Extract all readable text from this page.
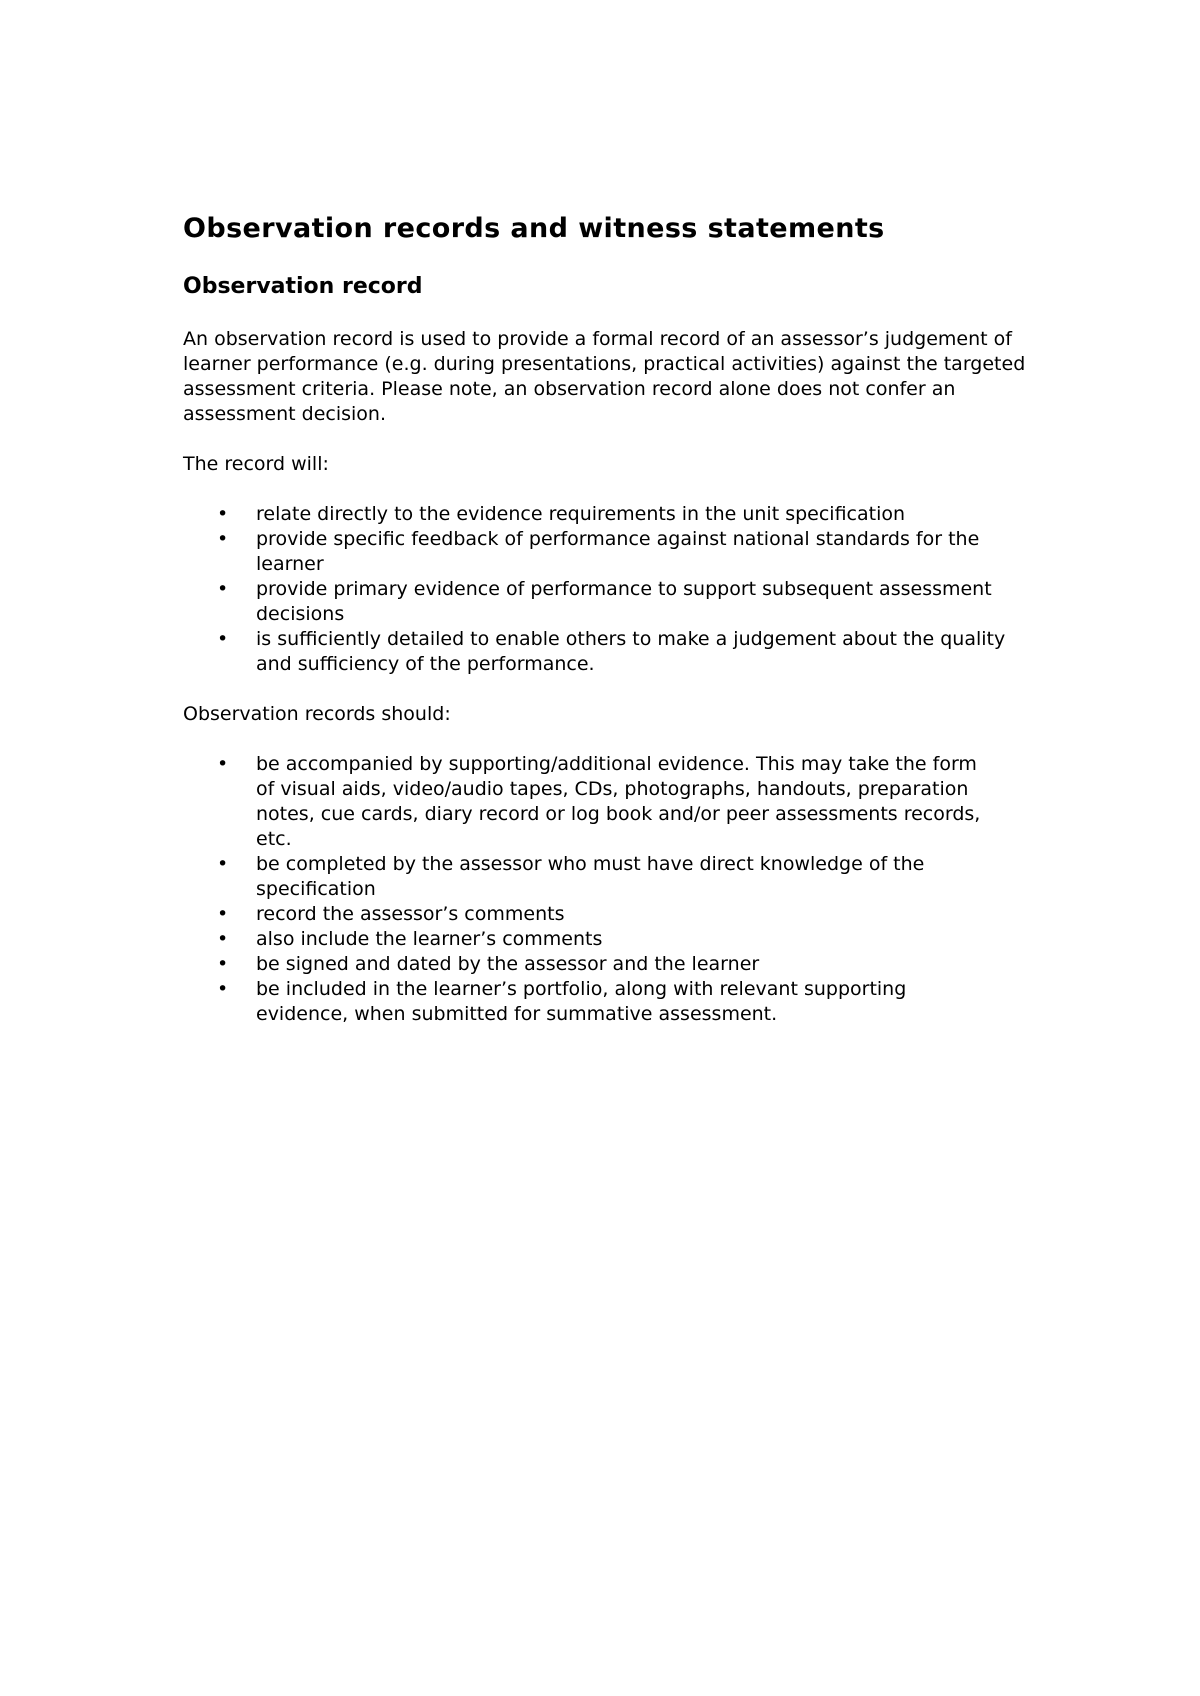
Observation records and witness statements
Observation record

An observation record is used to provide a formal record of an assessor’s judgement of learner performance (e.g. during presentations, practical activities) against the targeted assessment criteria. Please note, an observation record alone does not confer an assessment decision.

The record will:

•	relate directly to the evidence requirements in the unit specification
•	provide specific feedback of performance against national standards for the learner
•	provide primary evidence of performance to support subsequent assessment decisions
•	is sufficiently detailed to enable others to make a judgement about the quality and sufficiency of the performance.

Observation records should:

•	be accompanied by supporting/additional evidence. This may take the form of visual aids, video/audio tapes, CDs, photographs, handouts, preparation notes, cue cards, diary record or log book and/or peer assessments records, etc.
•	be completed by the assessor who must have direct knowledge of the specification
•	record the assessor’s comments
•	also include the learner’s comments
•	be signed and dated by the assessor and the learner
•	be included in the learner’s portfolio, along with relevant supporting evidence, when submitted for summative assessment.
